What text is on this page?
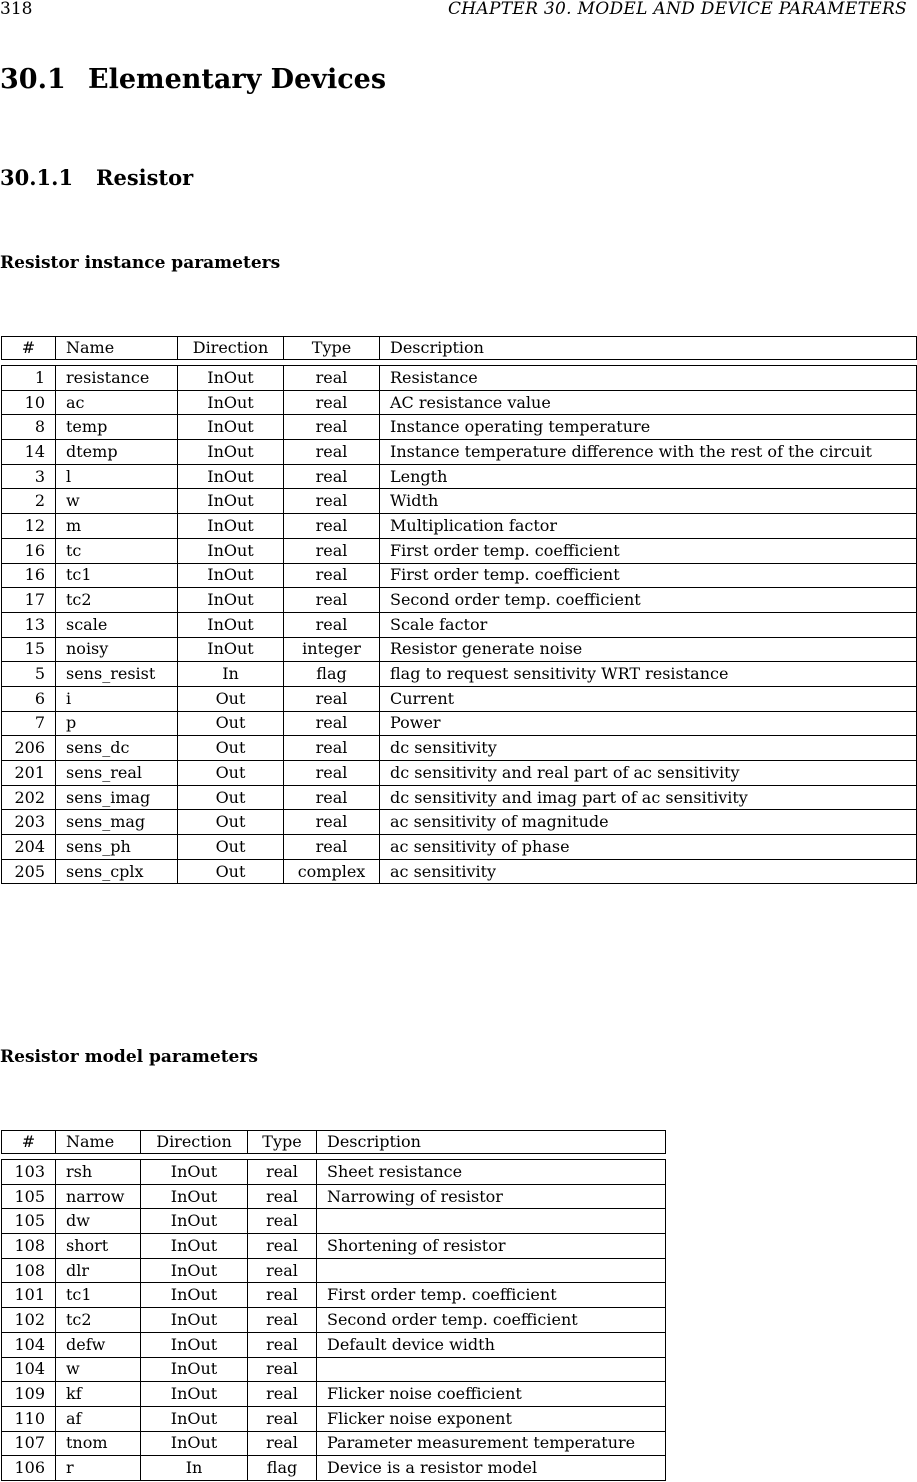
318	CHAPTER 30. MODEL AND DEVICE PARAMETERS
30.1 Elementary Devices
30.1.1 Resistor
Resistor instance parameters
#	Name	Direction	Type	Description

1	resistance	InOut	real	Resistance
10	ac	InOut	real	AC resistance value
8	temp	InOut	real	Instance operating temperature
14	dtemp	InOut	real	Instance temperature difference with the rest of the circuit
3	l	InOut	real	Length
2	w	InOut	real	Width
12	m	InOut	real	Multiplication factor
16	tc	InOut	real	First order temp. coefficient
16	tc1	InOut	real	First order temp. coefficient
17	tc2	InOut	real	Second order temp. coefficient
13	scale	InOut	real	Scale factor
15	noisy	InOut	integer	Resistor generate noise
5	sens_resist	In	flag	flag to request sensitivity WRT resistance
6	i	Out	real	Current
7	p	Out	real	Power
206	sens_dc	Out	real	dc sensitivity
201	sens_real	Out	real	dc sensitivity and real part of ac sensitivity
202	sens_imag	Out	real	dc sensitivity and imag part of ac sensitivity
203	sens_mag	Out	real	ac sensitivity of magnitude
204	sens_ph	Out	real	ac sensitivity of phase
205	sens_cplx	Out	complex	ac sensitivity
Resistor model parameters
#	Name	Direction	Type	Description

103	rsh	InOut	real	Sheet resistance
105	narrow	InOut	real	Narrowing of resistor
105	dw	InOut	real	
108	short	InOut	real	Shortening of resistor
108	dlr	InOut	real	
101	tc1	InOut	real	First order temp. coefficient
102	tc2	InOut	real	Second order temp. coefficient
104	defw	InOut	real	Default device width
104	w	InOut	real	
109	kf	InOut	real	Flicker noise coefficient
110	af	InOut	real	Flicker noise exponent
107	tnom	InOut	real	Parameter measurement temperature
106	r	In	flag	Device is a resistor model
